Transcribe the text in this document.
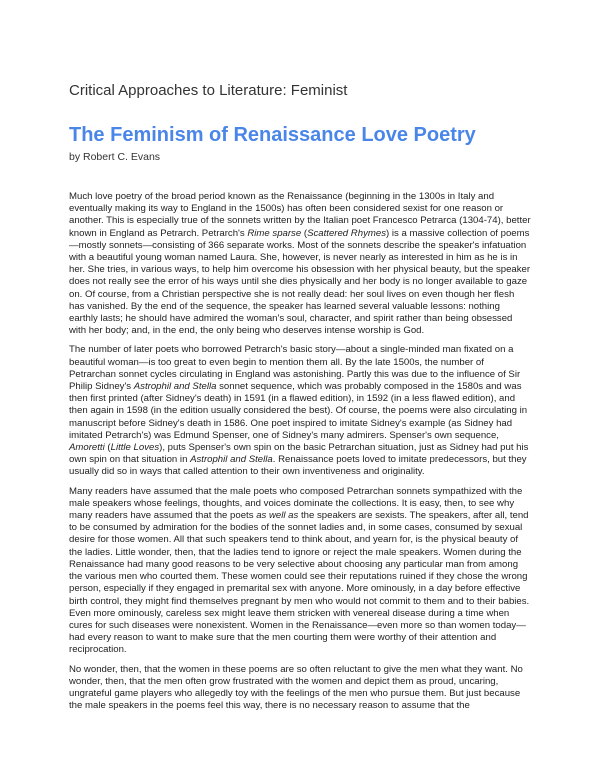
Critical Approaches to Literature: Feminist
The Feminism of Renaissance Love Poetry
by Robert C. Evans

Much love poetry of the broad period known as the Renaissance (beginning in the 1300s in Italy and eventually making its way to England in the 1500s) has often been considered sexist for one reason or another. This is especially true of the sonnets written by the Italian poet Francesco Petrarca (1304-74), better known in England as Petrarch. Petrarch's Rime sparse (Scattered Rhymes) is a massive collection of poems—mostly sonnets—consisting of 366 separate works. Most of the sonnets describe the speaker's infatuation with a beautiful young woman named Laura. She, however, is never nearly as interested in him as he is in her. She tries, in various ways, to help him overcome his obsession with her physical beauty, but the speaker does not really see the error of his ways until she dies physically and her body is no longer available to gaze on. Of course, from a Christian perspective she is not really dead: her soul lives on even though her flesh has vanished. By the end of the sequence, the speaker has learned several valuable lessons: nothing earthly lasts; he should have admired the woman's soul, character, and spirit rather than being obsessed with her body; and, in the end, the only being who deserves intense worship is God.

The number of later poets who borrowed Petrarch's basic story—about a single-minded man fixated on a beautiful woman—is too great to even begin to mention them all. By the late 1500s, the number of Petrarchan sonnet cycles circulating in England was astonishing. Partly this was due to the influence of Sir Philip Sidney's Astrophil and Stella sonnet sequence, which was probably composed in the 1580s and was then first printed (after Sidney's death) in 1591 (in a flawed edition), in 1592 (in a less flawed edition), and then again in 1598 (in the edition usually considered the best). Of course, the poems were also circulating in manuscript before Sidney's death in 1586. One poet inspired to imitate Sidney's example (as Sidney had imitated Petrarch's) was Edmund Spenser, one of Sidney's many admirers. Spenser's own sequence, Amoretti (Little Loves), puts Spenser's own spin on the basic Petrarchan situation, just as Sidney had put his own spin on that situation in Astrophil and Stella. Renaissance poets loved to imitate predecessors, but they usually did so in ways that called attention to their own inventiveness and originality.

Many readers have assumed that the male poets who composed Petrarchan sonnets sympathized with the male speakers whose feelings, thoughts, and voices dominate the collections. It is easy, then, to see why many readers have assumed that the poets as well as the speakers are sexists. The speakers, after all, tend to be consumed by admiration for the bodies of the sonnet ladies and, in some cases, consumed by sexual desire for those women. All that such speakers tend to think about, and yearn for, is the physical beauty of the ladies. Little wonder, then, that the ladies tend to ignore or reject the male speakers. Women during the Renaissance had many good reasons to be very selective about choosing any particular man from among the various men who courted them. These women could see their reputations ruined if they chose the wrong person, especially if they engaged in premarital sex with anyone. More ominously, in a day before effective birth control, they might find themselves pregnant by men who would not commit to them and to their babies. Even more ominously, careless sex might leave them stricken with venereal disease during a time when cures for such diseases were nonexistent. Women in the Renaissance—even more so than women today—had every reason to want to make sure that the men courting them were worthy of their attention and reciprocation.

No wonder, then, that the women in these poems are so often reluctant to give the men what they want. No wonder, then, that the men often grow frustrated with the women and depict them as proud, uncaring, ungrateful game players who allegedly toy with the feelings of the men who pursue them. But just because the male speakers in the poems feel this way, there is no necessary reason to assume that the
